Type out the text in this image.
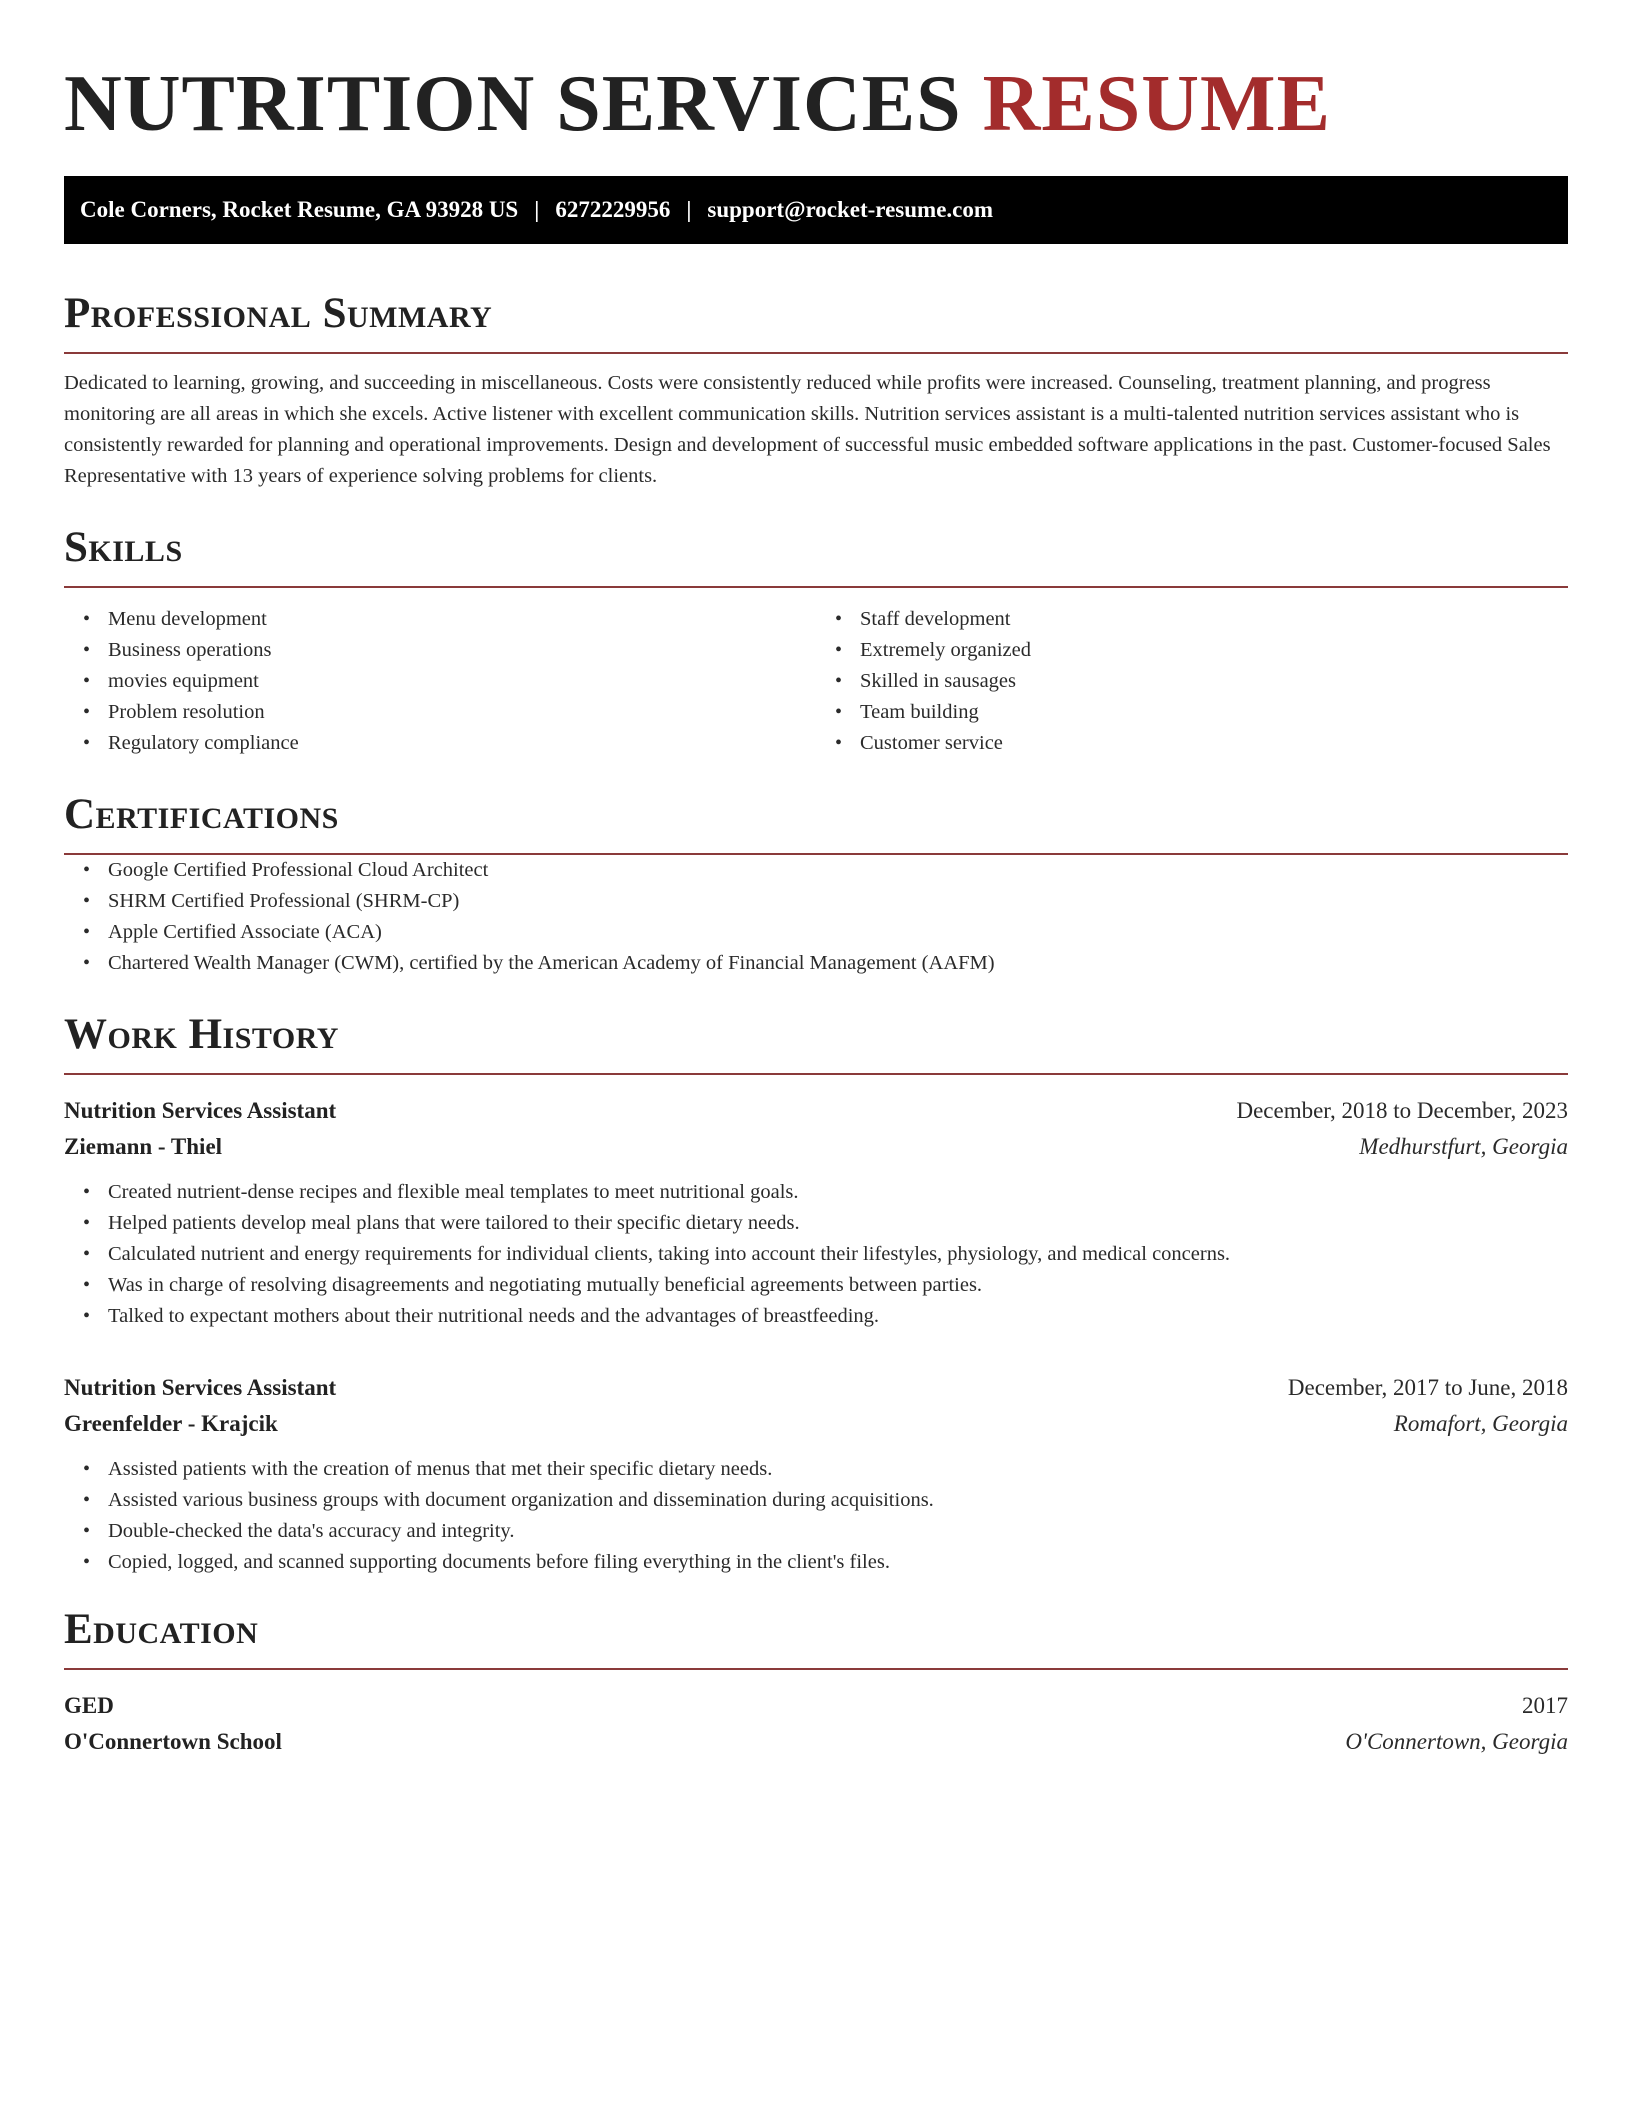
NUTRITION SERVICES RESUME
Cole Corners, Rocket Resume, GA 93928 US | 6272229956 | support@rocket-resume.com
Professional Summary

Dedicated to learning, growing, and succeeding in miscellaneous. Costs were consistently reduced while profits were increased. Counseling, treatment planning, and progress monitoring are all areas in which she excels. Active listener with excellent communication skills. Nutrition services assistant is a multi-talented nutrition services assistant who is consistently rewarded for planning and operational improvements. Design and development of successful music embedded software applications in the past. Customer-focused Sales Representative with 13 years of experience solving problems for clients.

Skills
• Menu development
• Business operations
• movies equipment
• Problem resolution
• Regulatory compliance
• Staff development
• Extremely organized
• Skilled in sausages
• Team building
• Customer service
Certifications
• Google Certified Professional Cloud Architect
• SHRM Certified Professional (SHRM-CP)
• Apple Certified Associate (ACA)
• Chartered Wealth Manager (CWM), certified by the American Academy of Financial Management (AAFM)
Work History
Nutrition Services Assistant	December, 2018 to December, 2023
Ziemann - Thiel	Medhurstfurt, Georgia
• Created nutrient-dense recipes and flexible meal templates to meet nutritional goals.
• Helped patients develop meal plans that were tailored to their specific dietary needs.
• Calculated nutrient and energy requirements for individual clients, taking into account their lifestyles, physiology, and medical concerns.
• Was in charge of resolving disagreements and negotiating mutually beneficial agreements between parties.
• Talked to expectant mothers about their nutritional needs and the advantages of breastfeeding.
Nutrition Services Assistant	December, 2017 to June, 2018
Greenfelder - Krajcik	Romafort, Georgia
• Assisted patients with the creation of menus that met their specific dietary needs.
• Assisted various business groups with document organization and dissemination during acquisitions.
• Double-checked the data's accuracy and integrity.
• Copied, logged, and scanned supporting documents before filing everything in the client's files.
Education
GED	2017
O'Connertown School	O'Connertown, Georgia
